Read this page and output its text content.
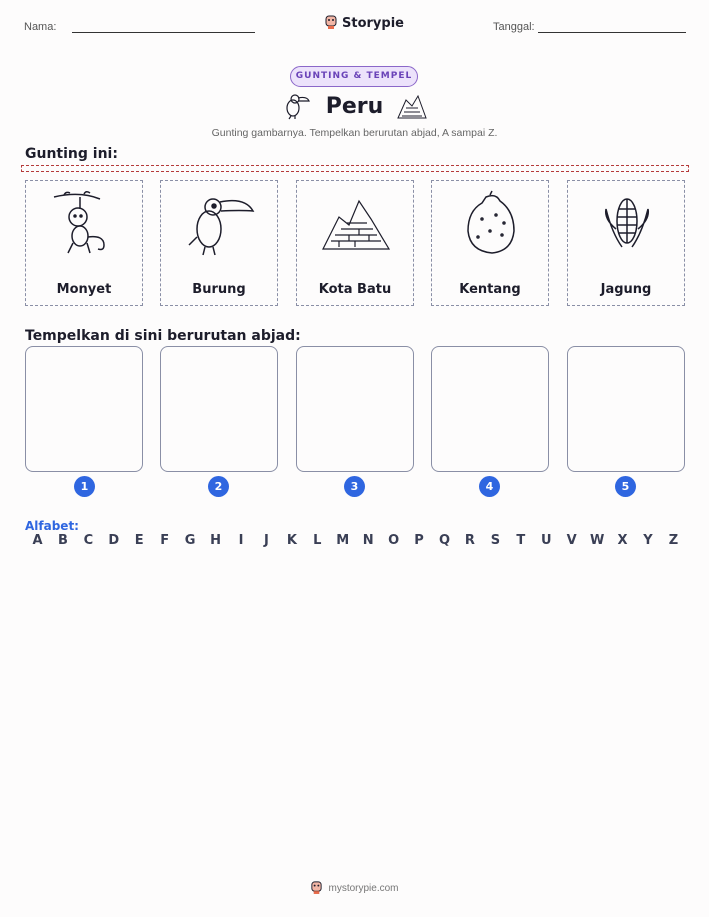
Nama:	Storypie	Tanggal:
GUNTING & TEMPEL
Peru
Gunting gambarnya. Tempelkan berurutan abjad, A sampai Z.
Gunting ini:
Monyet	Burung	Kota Batu	Kentang	Jagung
Tempelkan di sini berurutan abjad:
1	2	3	4	5
Alfabet:
A	B	C	D	E	F	G	H	I	J	K	L	M	N	O	P	Q	R	S	T	U	V	W	X	Y	Z
mystorypie.com
